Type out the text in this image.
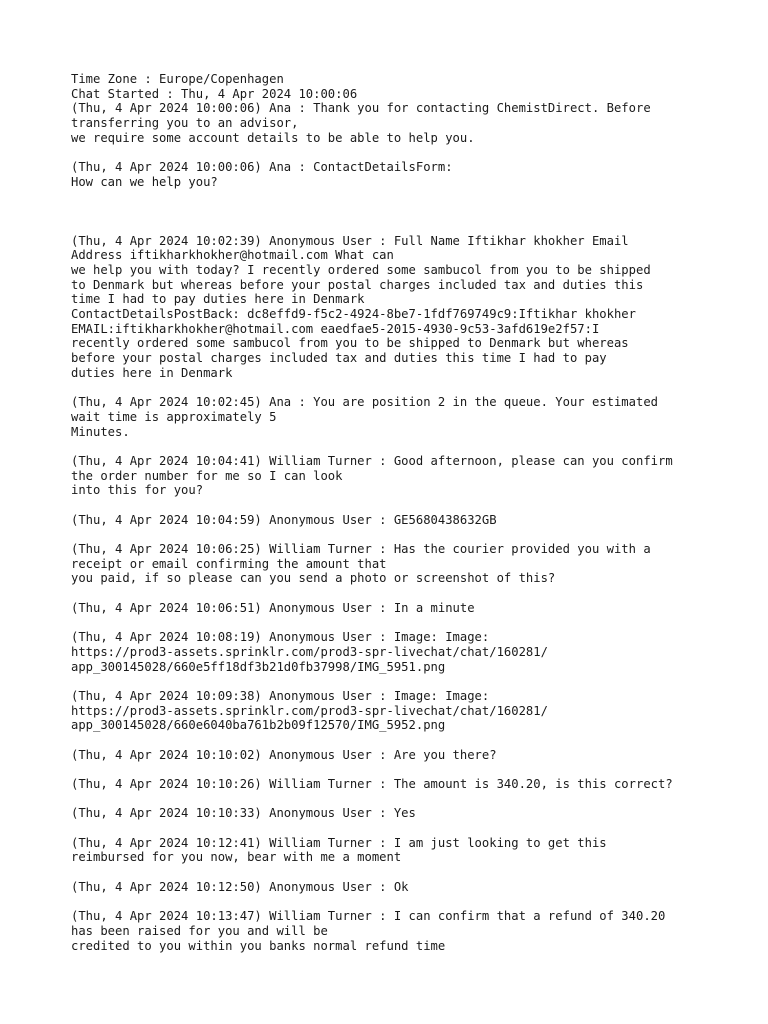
Time Zone : Europe/Copenhagen
Chat Started : Thu, 4 Apr 2024 10:00:06
(Thu, 4 Apr 2024 10:00:06) Ana : Thank you for contacting ChemistDirect. Before
transferring you to an advisor,
we require some account details to be able to help you.
(Thu, 4 Apr 2024 10:00:06) Ana : ContactDetailsForm:
How can we help you?
(Thu, 4 Apr 2024 10:02:39) Anonymous User : Full Name Iftikhar khokher Email
Address iftikharkhokher@hotmail.com What can
we help you with today? I recently ordered some sambucol from you to be shipped
to Denmark but whereas before your postal charges included tax and duties this
time I had to pay duties here in Denmark
ContactDetailsPostBack: dc8effd9-f5c2-4924-8be7-1fdf769749c9:Iftikhar khokher
EMAIL:iftikharkhokher@hotmail.com eaedfae5-2015-4930-9c53-3afd619e2f57:I
recently ordered some sambucol from you to be shipped to Denmark but whereas
before your postal charges included tax and duties this time I had to pay
duties here in Denmark
(Thu, 4 Apr 2024 10:02:45) Ana : You are position 2 in the queue. Your estimated
wait time is approximately 5
Minutes.
(Thu, 4 Apr 2024 10:04:41) William Turner : Good afternoon, please can you confirm
the order number for me so I can look
into this for you?
(Thu, 4 Apr 2024 10:04:59) Anonymous User : GE5680438632GB
(Thu, 4 Apr 2024 10:06:25) William Turner : Has the courier provided you with a
receipt or email confirming the amount that
you paid, if so please can you send a photo or screenshot of this?
(Thu, 4 Apr 2024 10:06:51) Anonymous User : In a minute
(Thu, 4 Apr 2024 10:08:19) Anonymous User : Image: Image:
https://prod3-assets.sprinklr.com/prod3-spr-livechat/chat/160281/
app_300145028/660e5ff18df3b21d0fb37998/IMG_5951.png
(Thu, 4 Apr 2024 10:09:38) Anonymous User : Image: Image:
https://prod3-assets.sprinklr.com/prod3-spr-livechat/chat/160281/
app_300145028/660e6040ba761b2b09f12570/IMG_5952.png
(Thu, 4 Apr 2024 10:10:02) Anonymous User : Are you there?
(Thu, 4 Apr 2024 10:10:26) William Turner : The amount is 340.20, is this correct?
(Thu, 4 Apr 2024 10:10:33) Anonymous User : Yes
(Thu, 4 Apr 2024 10:12:41) William Turner : I am just looking to get this
reimbursed for you now, bear with me a moment
(Thu, 4 Apr 2024 10:12:50) Anonymous User : Ok
(Thu, 4 Apr 2024 10:13:47) William Turner : I can confirm that a refund of 340.20
has been raised for you and will be
credited to you within you banks normal refund time
